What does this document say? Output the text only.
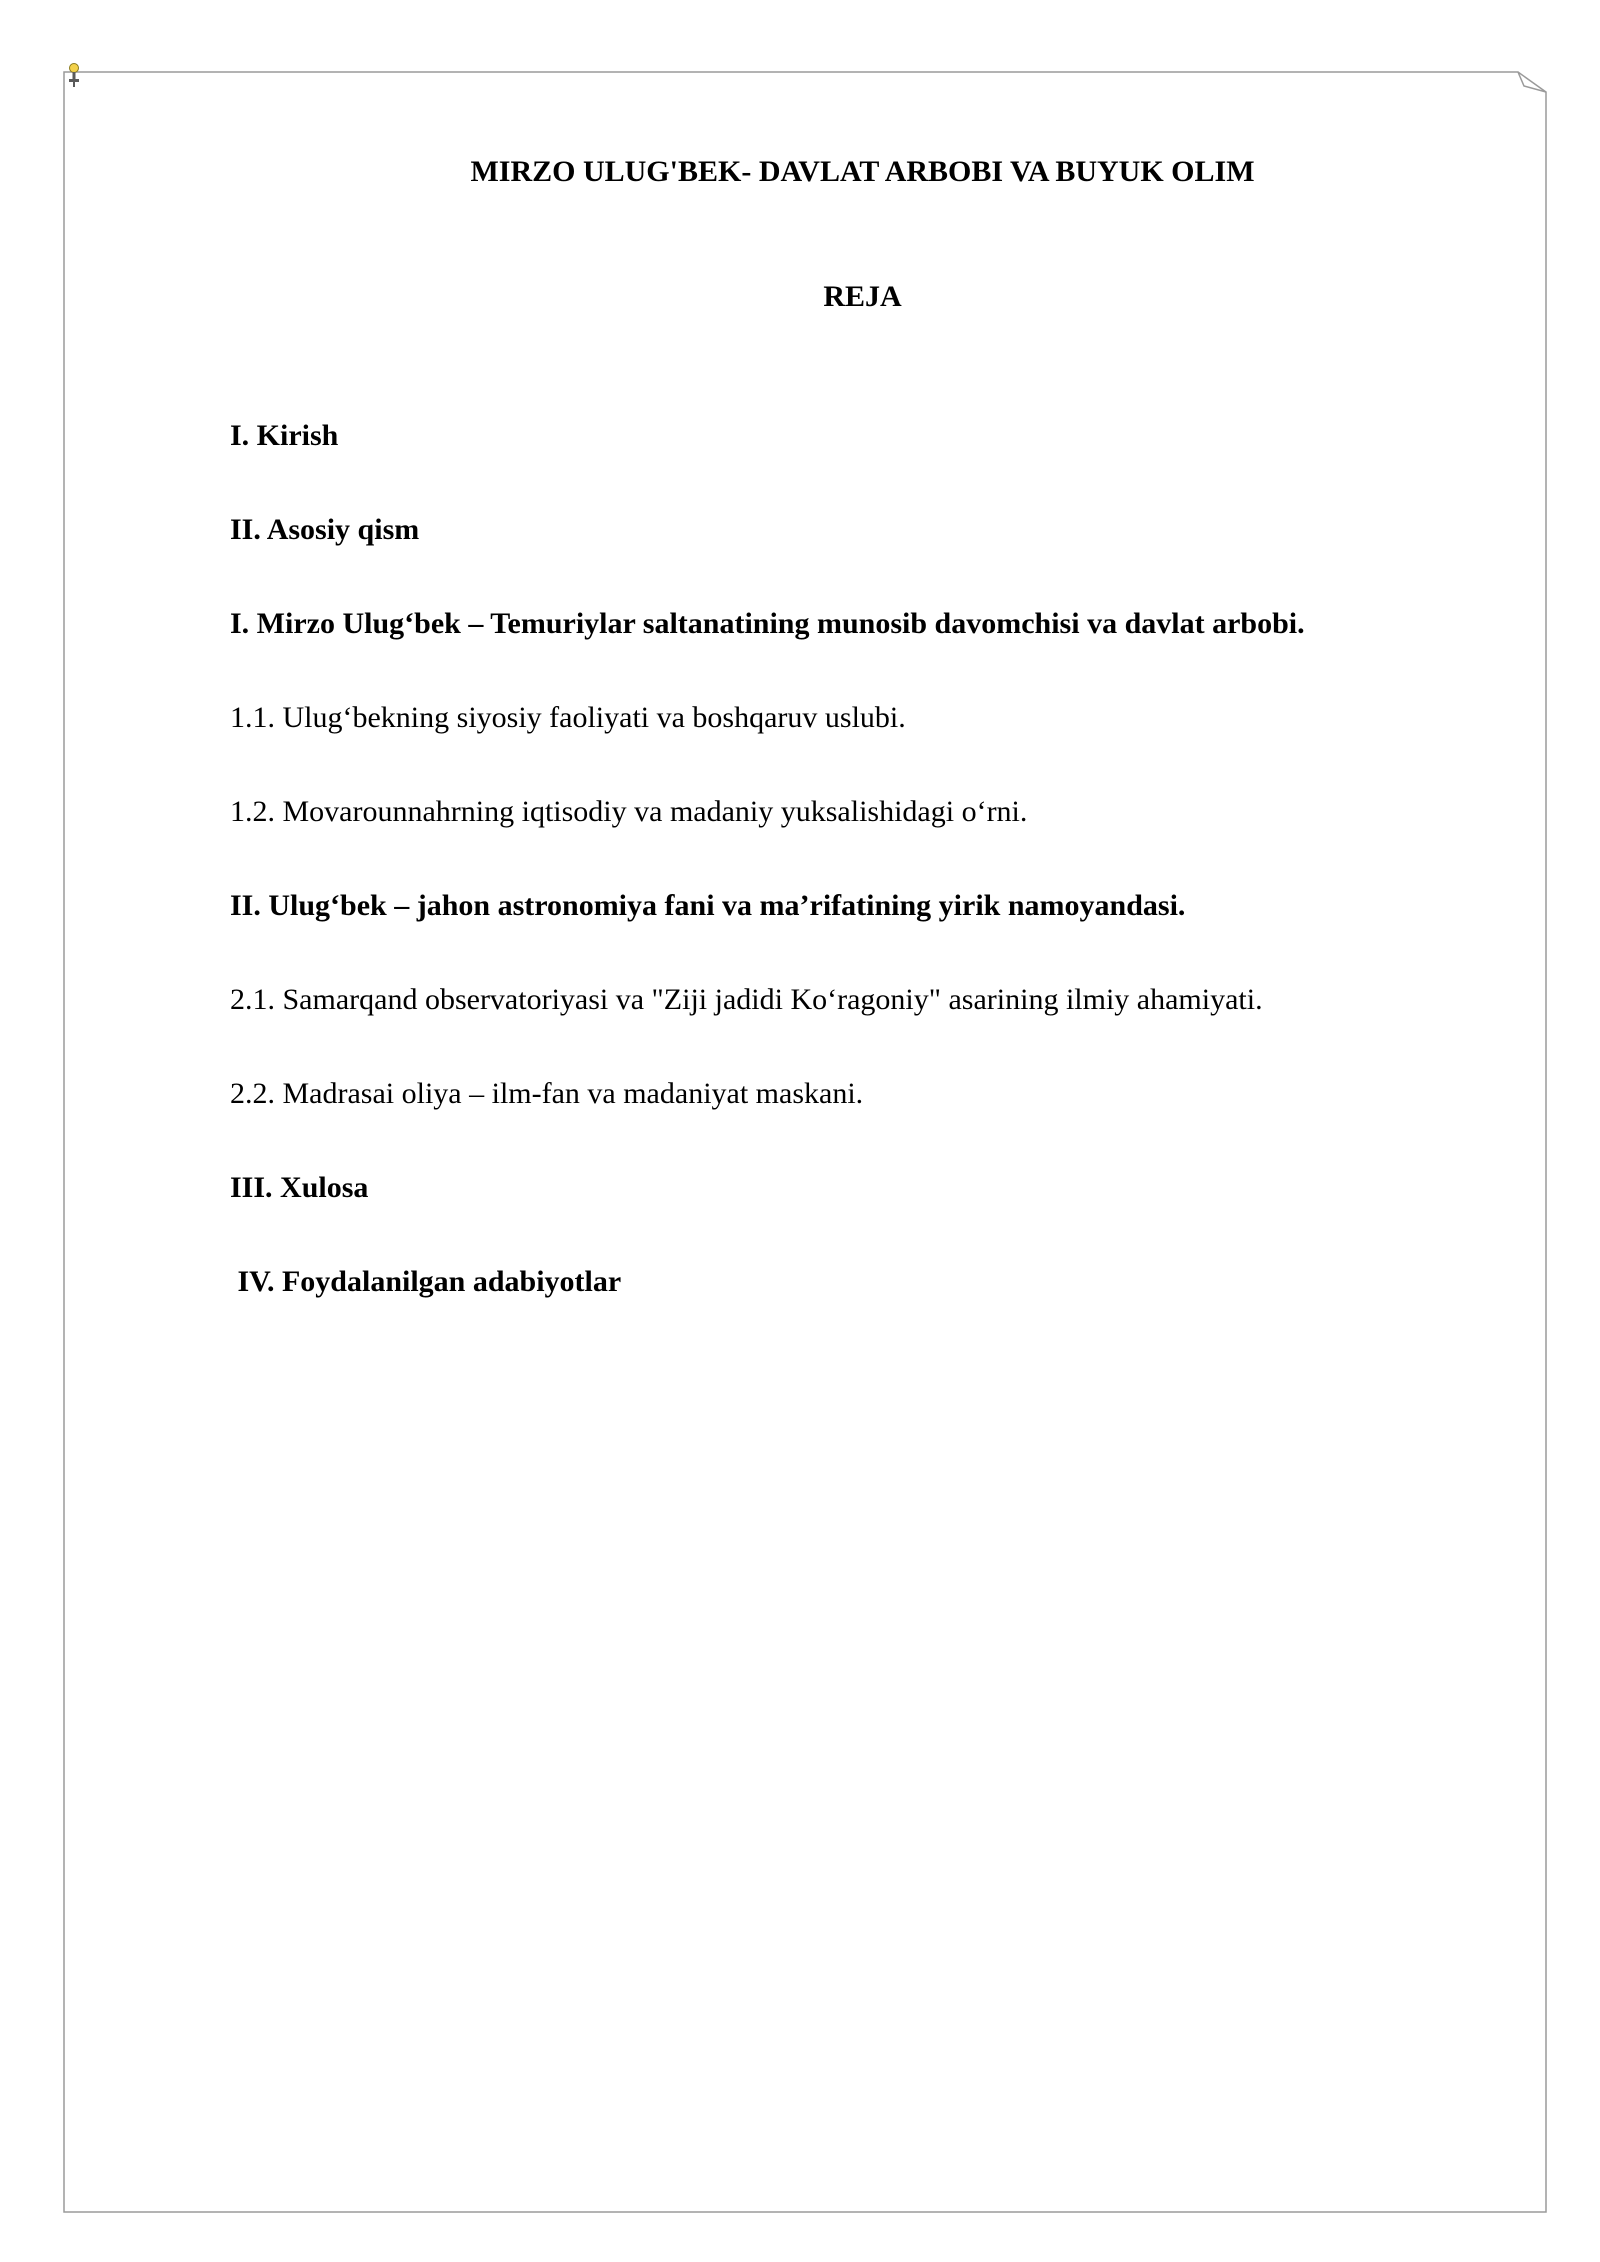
MIRZO ULUG'BEK- DAVLAT ARBOBI VA BUYUK OLIM
REJA
I. Kirish
II. Asosiy qism
I. Mirzo Ulug‘bek – Temuriylar saltanatining munosib davomchisi va davlat arbobi.
1.1. Ulug‘bekning siyosiy faoliyati va boshqaruv uslubi.
1.2. Movarounnahrning iqtisodiy va madaniy yuksalishidagi o‘rni.
II. Ulug‘bek – jahon astronomiya fani va ma’rifatining yirik namoyandasi.
2.1. Samarqand observatoriyasi va "Ziji jadidi Ko‘ragoniy" asarining ilmiy ahamiyati.
2.2. Madrasai oliya – ilm-fan va madaniyat maskani.
III. Xulosa
IV. Foydalanilgan adabiyotlar
